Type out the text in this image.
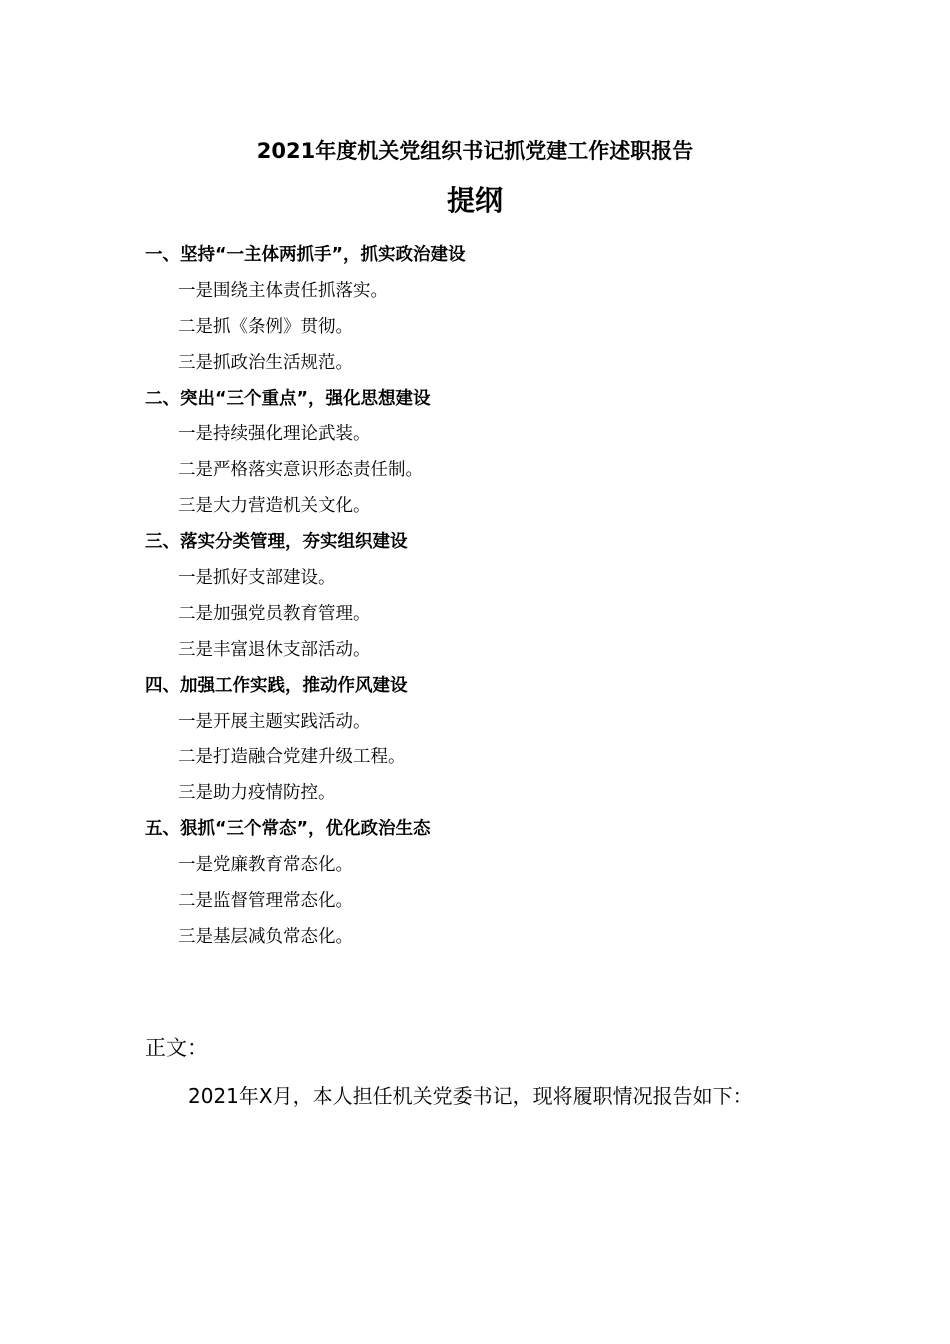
2021年度机关党组织书记抓党建工作述职报告
提纲
一、坚持“一主体两抓手”，抓实政治建设
一是围绕主体责任抓落实。
二是抓《条例》贯彻。
三是抓政治生活规范。
二、突出“三个重点”，强化思想建设
一是持续强化理论武装。
二是严格落实意识形态责任制。
三是大力营造机关文化。
三、落实分类管理，夯实组织建设
一是抓好支部建设。
二是加强党员教育管理。
三是丰富退休支部活动。
四、加强工作实践，推动作风建设
一是开展主题实践活动。
二是打造融合党建升级工程。
三是助力疫情防控。
五、狠抓“三个常态”，优化政治生态
一是党廉教育常态化。
二是监督管理常态化。
三是基层减负常态化。

正文：

2021年X月，本人担任机关党委书记，现将履职情况报告如下：
